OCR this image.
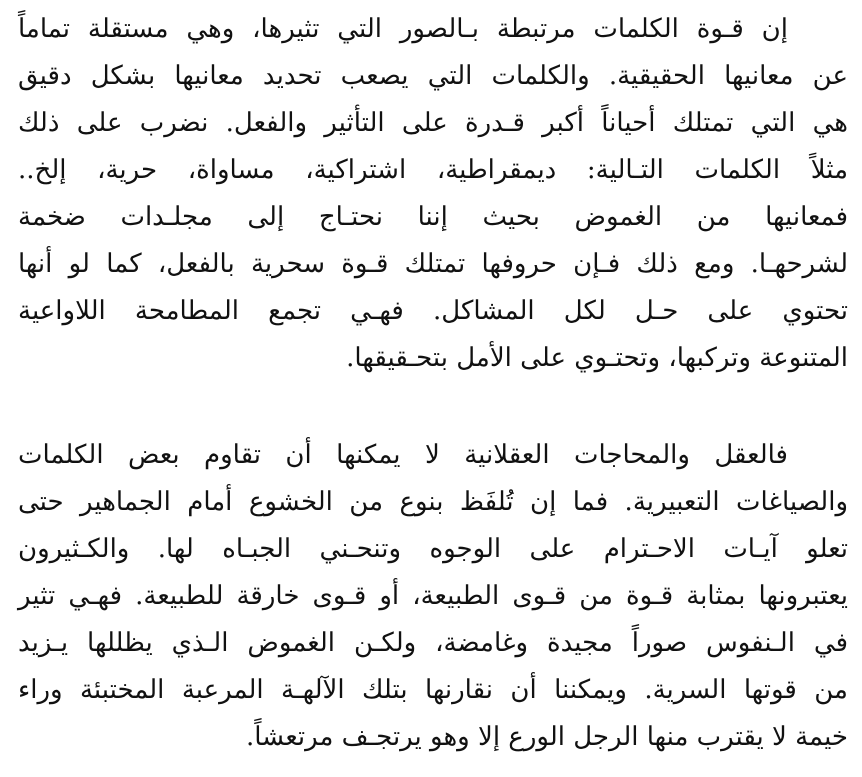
إن قـوة الكلمات مرتبطة بـالصور التي تثيرها، وهي مستقلة تماماً
عن معانيها الحقيقية. والكلمات التي يصعب تحديد معانيها بشكل دقيق
هي التي تمتلك أحياناً أكبر قـدرة على التأثير والفعل. نضرب على ذلك
مثلاً الكلمات التـالية: ديمقراطية، اشتراكية، مساواة، حرية، إلخ..
فمعانيها من الغموض بحيث إننا نحتـاج إلى مجلـدات ضخمة
لشرحهـا. ومع ذلك فـإن حروفها تمتلك قـوة سحرية بالفعل، كما لو أنها
تحتوي على حـل لكل المشاكل. فهـي تجمع المطامحة اللاواعية
المتنوعة وتركبها، وتحتـوي على الأمل بتحـقيقها.
فالعقل والمحاجات العقلانية لا يمكنها أن تقاوم بعض الكلمات
والصياغات التعبيرية. فما إن تُلفَظ بنوع من الخشوع أمام الجماهير حتى
تعلو آيـات الاحـترام على الوجوه وتنحـني الجبـاه لها. والكـثيرون
يعتبرونها بمثابة قـوة من قـوى الطبيعة، أو قـوى خارقة للطبيعة. فهـي تثير
في الـنفوس صوراً مجيدة وغامضة، ولكـن الغموض الـذي يظللها يـزيد
من قوتها السرية. ويمكننا أن نقارنها بتلك الآلهـة المرعبة المختبئة وراء
خيمة لا يقترب منها الرجل الورع إلا وهو يرتجـف مرتعشاً.
